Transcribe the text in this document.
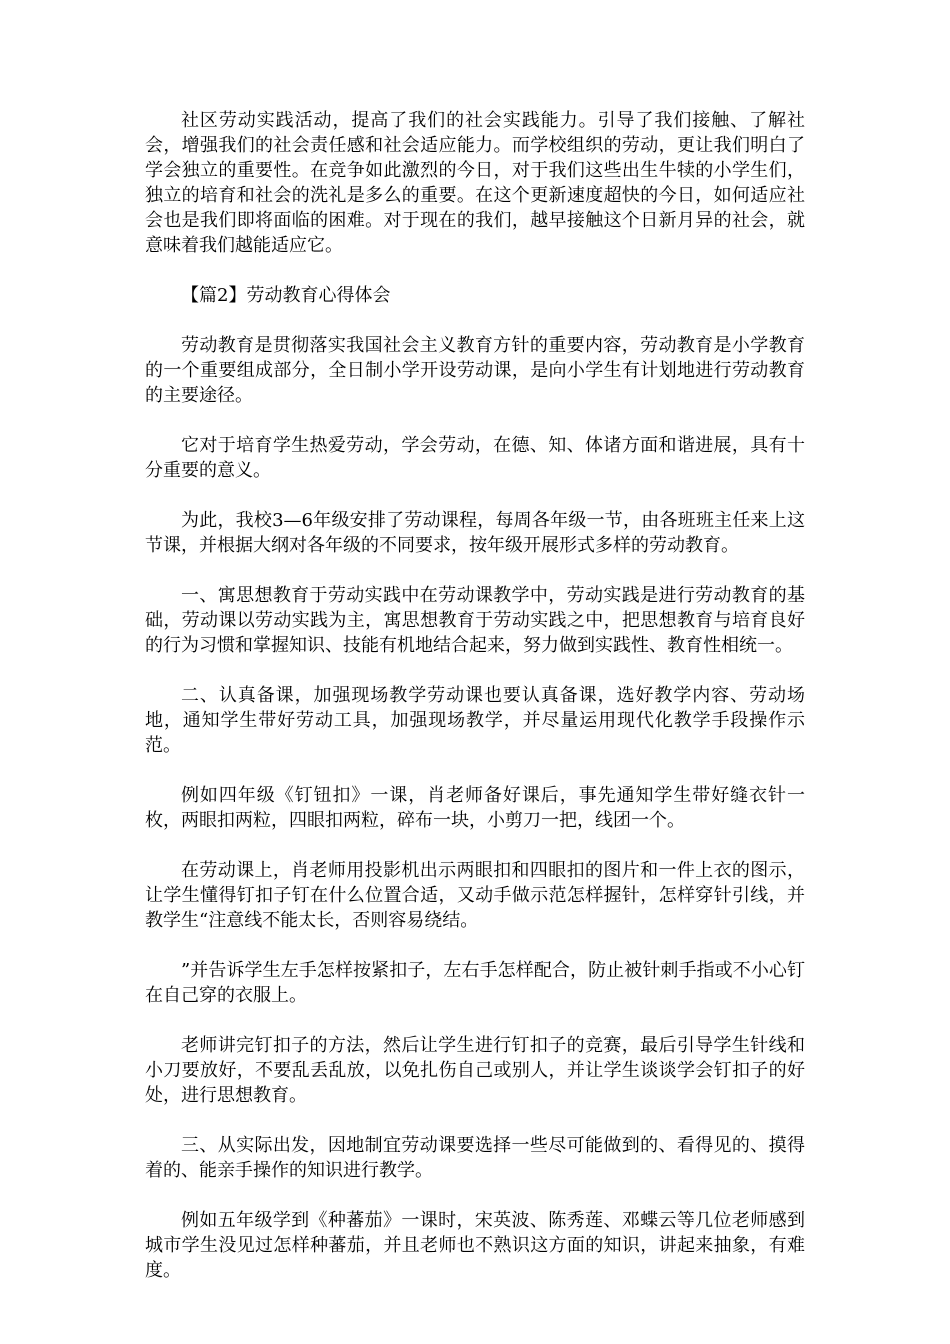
社区劳动实践活动，提高了我们的社会实践能力。引导了我们接触、了解社会，增强我们的社会责任感和社会适应能力。而学校组织的劳动，更让我们明白了学会独立的重要性。在竞争如此激烈的今日，对于我们这些出生牛犊的小学生们，独立的培育和社会的洗礼是多么的重要。在这个更新速度超快的今日，如何适应社会也是我们即将面临的困难。对于现在的我们，越早接触这个日新月异的社会，就意味着我们越能适应它。

【篇2】劳动教育心得体会

劳动教育是贯彻落实我国社会主义教育方针的重要内容，劳动教育是小学教育的一个重要组成部分，全日制小学开设劳动课，是向小学生有计划地进行劳动教育的主要途径。

它对于培育学生热爱劳动，学会劳动，在德、知、体诸方面和谐进展，具有十分重要的意义。

为此，我校3—6年级安排了劳动课程，每周各年级一节，由各班班主任来上这节课，并根据大纲对各年级的不同要求，按年级开展形式多样的劳动教育。

一、寓思想教育于劳动实践中在劳动课教学中，劳动实践是进行劳动教育的基础，劳动课以劳动实践为主，寓思想教育于劳动实践之中，把思想教育与培育良好的行为习惯和掌握知识、技能有机地结合起来，努力做到实践性、教育性相统一。

二、认真备课，加强现场教学劳动课也要认真备课，选好教学内容、劳动场地，通知学生带好劳动工具，加强现场教学，并尽量运用现代化教学手段操作示范。

例如四年级《钉钮扣》一课，肖老师备好课后，事先通知学生带好缝衣针一枚，两眼扣两粒，四眼扣两粒，碎布一块，小剪刀一把，线团一个。

在劳动课上，肖老师用投影机出示两眼扣和四眼扣的图片和一件上衣的图示，让学生懂得钉扣子钉在什么位置合适，又动手做示范怎样握针，怎样穿针引线，并教学生“注意线不能太长，否则容易绕结。

”并告诉学生左手怎样按紧扣子，左右手怎样配合，防止被针刺手指或不小心钉在自己穿的衣服上。

老师讲完钉扣子的方法，然后让学生进行钉扣子的竞赛，最后引导学生针线和小刀要放好，不要乱丢乱放，以免扎伤自己或别人，并让学生谈谈学会钉扣子的好处，进行思想教育。

三、从实际出发，因地制宜劳动课要选择一些尽可能做到的、看得见的、摸得着的、能亲手操作的知识进行教学。

例如五年级学到《种蕃茄》一课时，宋英波、陈秀莲、邓蝶云等几位老师感到城市学生没见过怎样种蕃茄，并且老师也不熟识这方面的知识，讲起来抽象，有难度。
